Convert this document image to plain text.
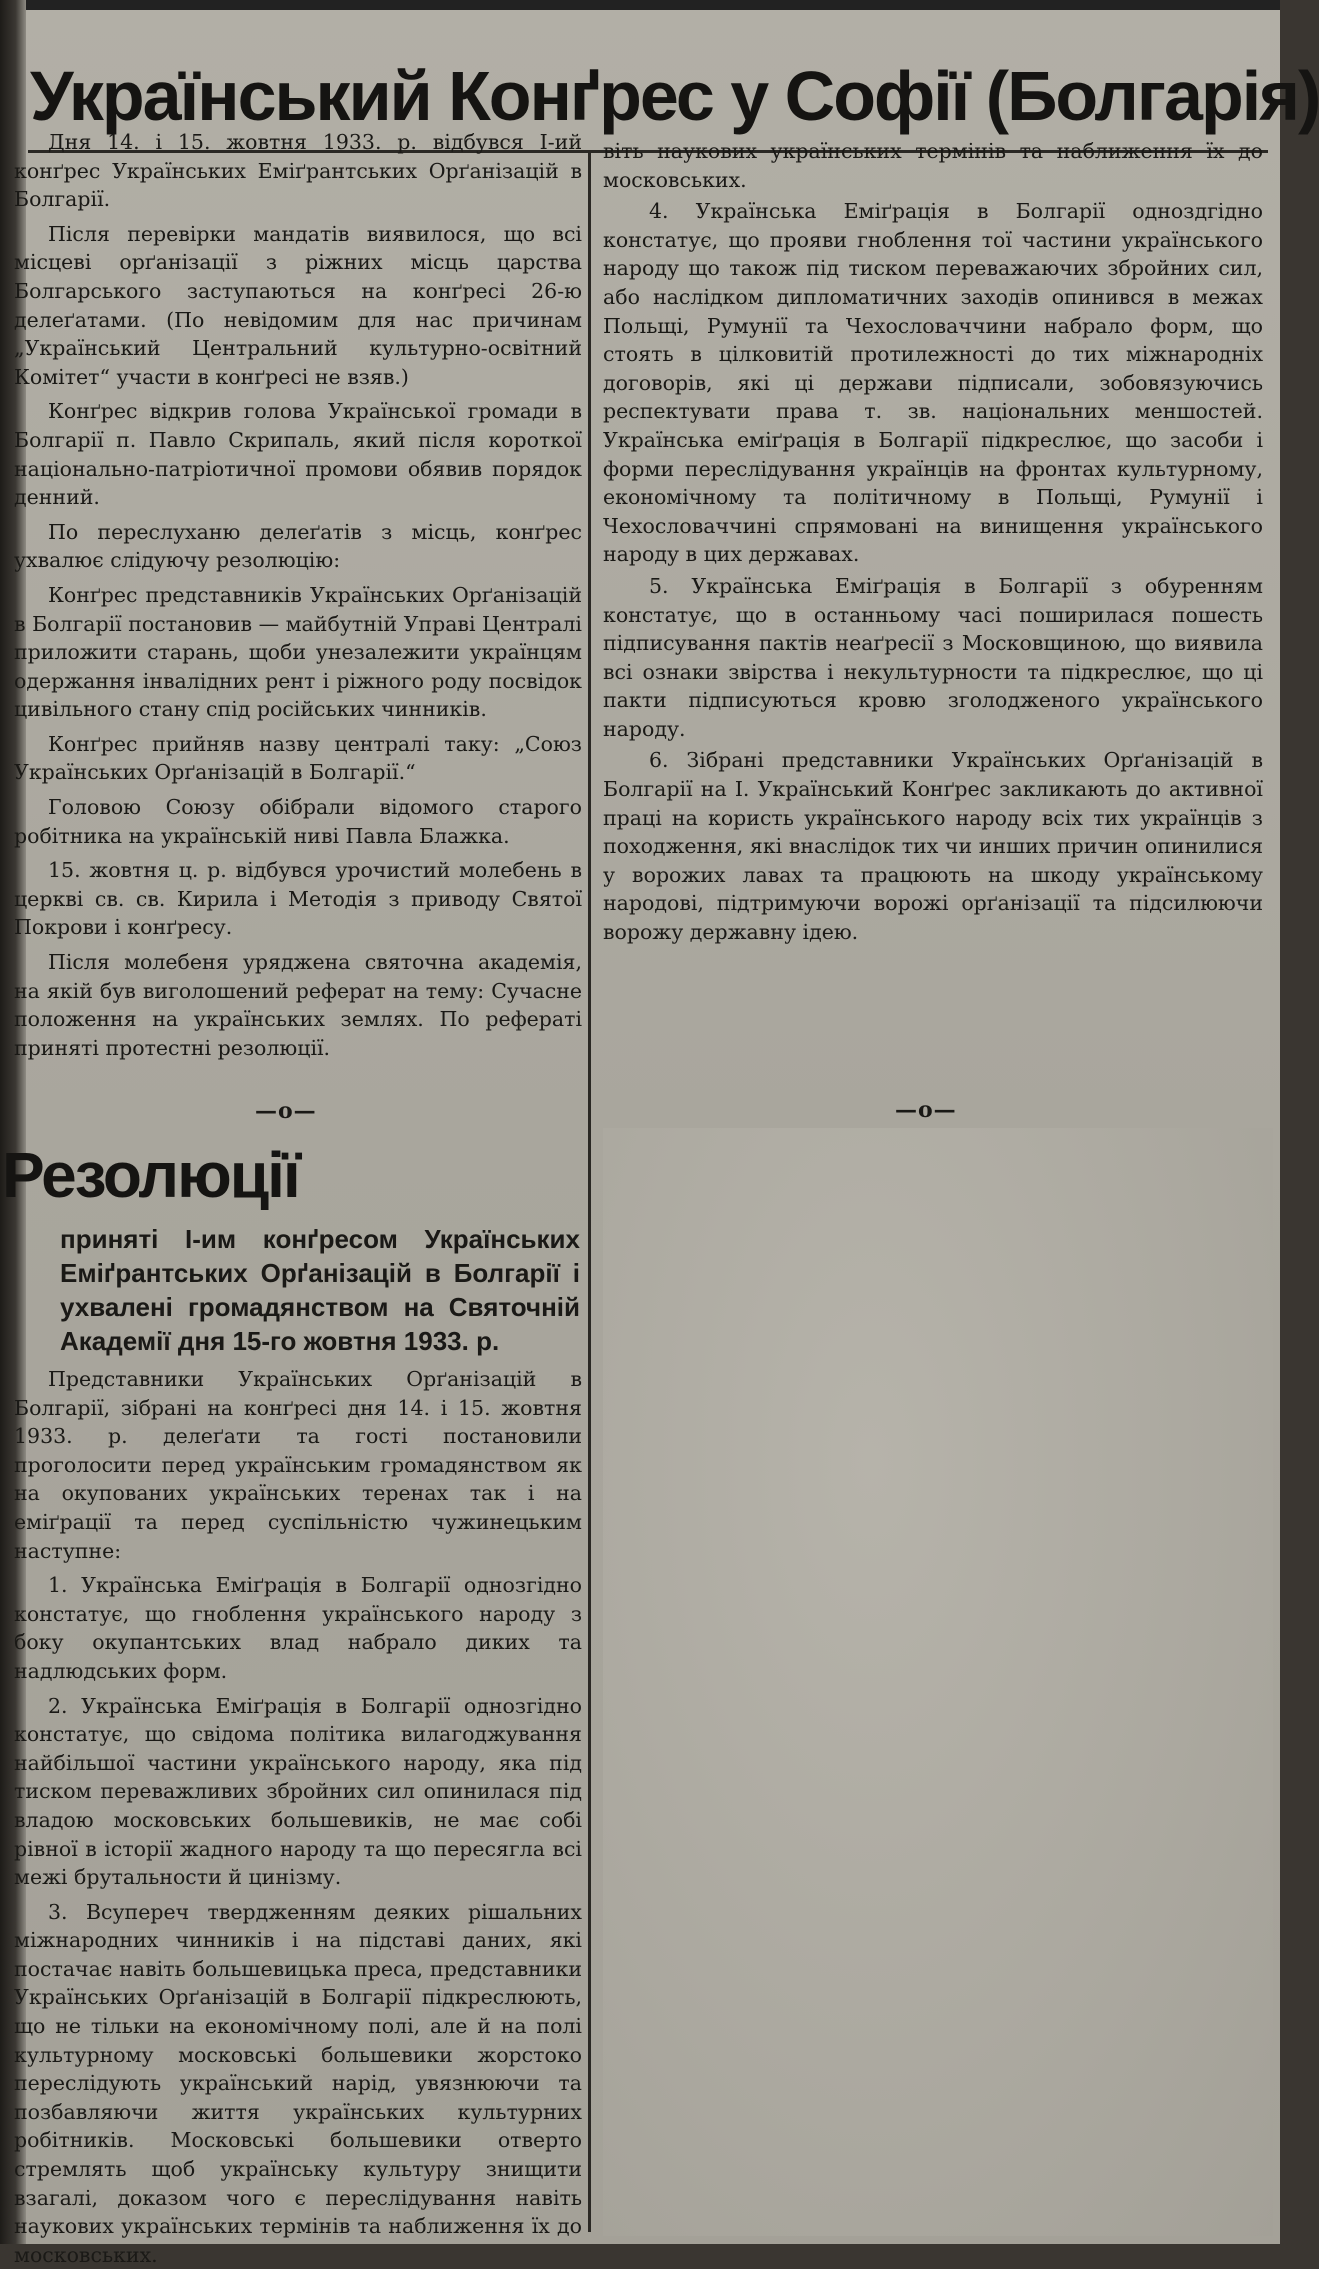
Український Конґрес у Софії (Болгарія)

Дня 14. і 15. жовтня 1933. р. відбувся І-ий конґрес Українських Еміґрантських Орґанізацій в Болгарії.

Після перевірки мандатів виявилося, що всі місцеві орґанізації з ріжних місць царства Болгарського заступаються на конґресі 26-ю делеґатами. (По невідомим для нас причинам „Український Центральний культурно-освітний Комітет“ участи в конґресі не взяв.)

Конґрес відкрив голова Української громади в Болгарії п. Павло Скрипаль, який після короткої національно-патріотичної промови обявив порядок денний.

По переслуханю делеґатів з місць, конґрес ухвалює слідуючу резолюцію:

Конґрес представників Українських Орґанізацій в Болгарії постановив — майбутній Управі Централі приложити старань, щоби унезалежити українцям одержання інвалідних рент і ріжного роду посвідок цивільного стану спід російських чинників.

Конґрес прийняв назву централі таку: „Союз Українських Орґанізацій в Болгарії.“

Головою Союзу обібрали відомого старого робітника на українській ниві Павла Блажка.

15. жовтня ц. р. відбувся урочистий молебень в церкві св. св. Кирила і Методія з приводу Святої Покрови і конґресу.

Після молебеня уряджена святочна академія, на якій був виголошений реферат на тему: Сучасне положення на українських землях. По рефераті приняті протестні резолюції.

—o—
Резолюції
приняті І-им конґресом Українських Еміґрантських Орґанізацій в Болгарії і ухвалені громадянством на Святочній Академії дня 15-го жовтня 1933. р.

Представники Українських Орґанізацій в Болгарії, зібрані на конґресі дня 14. і 15. жовтня 1933. р. делеґати та гості постановили проголосити перед українським громадянством як на окупованих українських теренах так і на еміґрації та перед суспільністю чужинецьким наступне:

1. Українська Еміґрація в Болгарії однозгідно констатує, що гноблення українського народу з боку окупантських влад набрало диких та надлюдських форм.

2. Українська Еміґрація в Болгарії однозгідно констатує, що свідома політика вилагоджування найбільшої частини українського народу, яка під тиском переважливих збройних сил опинилася під владою московських большевиків, не має собі рівної в історії жадного народу та що пересягла всі межі брутальности й цинізму.

3. Всупереч твердженням деяких рішальних міжнародних чинників і на підставі даних, які постачає навіть большевицька преса, представники Українських Орґанізацій в Болгарії підкреслюють, що не тільки на економічному полі, але й на полі культурному московські большевики жорстоко переслідують український нарід, увязнюючи та позбавляючи життя українських культурних робітників. Московські большевики отверто стремлять щоб українську культуру знищити взагалі, доказом чого є переслідування навіть наукових українських термінів та наближення їх до московських.

віть наукових українських термінів та наближення їх до московських.

4. Українська Еміґрація в Болгарії одноздгідно констатує, що прояви гноблення тої частини українського народу що також під тиском переважаючих збройних сил, або наслідком дипломатичних заходів опинився в межах Польщі, Румунії та Чехословаччини набрало форм, що стоять в цілковитій протилежності до тих міжнародніх договорів, які ці держави підписали, зобовязуючись респектувати права т. зв. національних меншостей. Українська еміґрація в Болгарії підкреслює, що засоби і форми переслідування українців на фронтах культурному, економічному та політичному в Польщі, Румунії і Чехословаччині спрямовані на винищення українського народу в цих державах.

5. Українська Еміґрація в Болгарії з обуренням констатує, що в останньому часі поширилася пошесть підписування пактів неаґресії з Московщиною, що виявила всі ознаки звірства і некультурности та підкреслює, що ці пакти підписуються кровю зголодженого українського народу.

6. Зібрані представники Українських Орґанізацій в Болгарії на І. Український Конґрес закликають до активної праці на користь українського народу всіх тих українців з походження, які внаслідок тих чи инших причин опинилися у ворожих лавах та працюють на шкоду українському народові, підтримуючи ворожі орґанізації та підсилюючи ворожу державну ідею.

—o—
